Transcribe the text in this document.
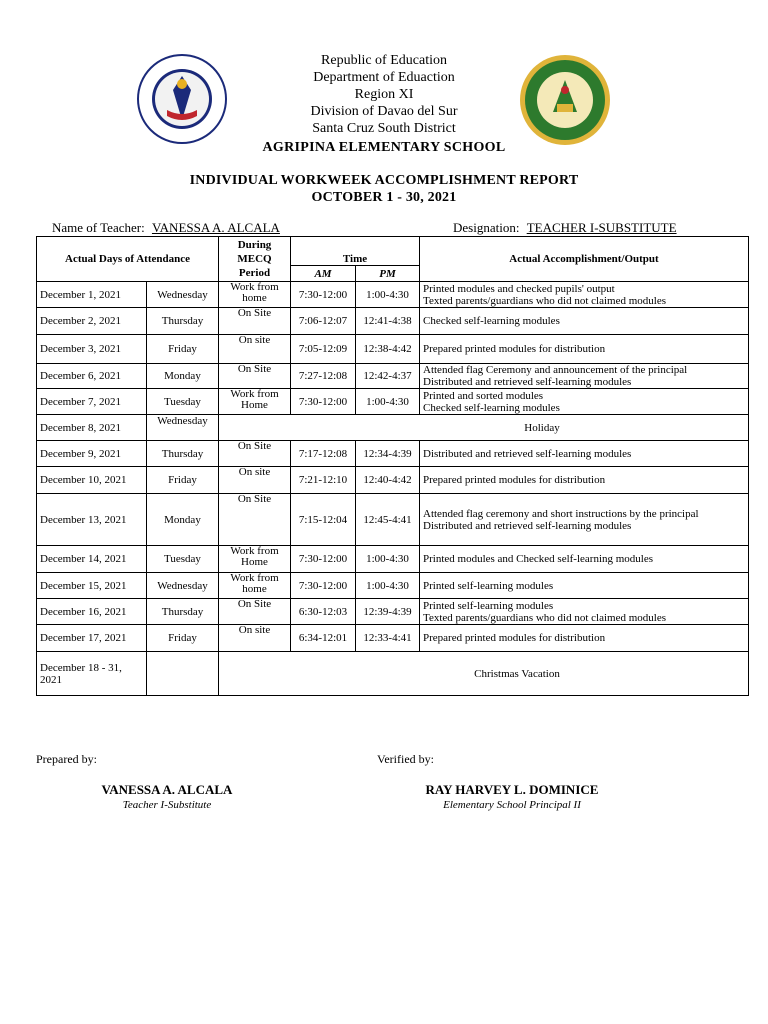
Republic of Education
Department of Eduaction
Region XI
Division of Davao del Sur
Santa Cruz South District
AGRIPINA ELEMENTARY SCHOOL
INDIVIDUAL WORKWEEK ACCOMPLISHMENT REPORT
OCTOBER 1 - 30, 2021
Name of Teacher: VANESSA A. ALCALA	Designation: TEACHER I-SUBSTITUTE
Actual Days of Attendance		During MECQ Period	Time		Actual Accomplishment/Output
			AM	PM	
December 1, 2021	Wednesday	Work from home	7:30-12:00	1:00-4:30	Printed modules and checked pupils' output
Texted parents/guardians who did not claimed modules

December 2, 2021	Thursday	On Site	7:06-12:07	12:41-4:38	Checked self-learning modules

December 3, 2021	Friday	On site	7:05-12:09	12:38-4:42	Prepared printed modules for distribution

December 6, 2021	Monday	On Site	7:27-12:08	12:42-4:37	Attended flag Ceremony and announcement of the principal
Distributed and retrieved self-learning modules

December 7, 2021	Tuesday	Work from Home	7:30-12:00	1:00-4:30	Printed and sorted modules
Checked self-learning modules

December 8, 2021	Wednesday	Holiday			
December 9, 2021	Thursday	On Site	7:17-12:08	12:34-4:39	Distributed and retrieved self-learning modules

December 10, 2021	Friday	On site	7:21-12:10	12:40-4:42	Prepared printed modules for distribution

December 13, 2021	Monday	On Site	7:15-12:04	12:45-4:41	Attended flag ceremony and short instructions by the principal
Distributed and retrieved self-learning modules

December 14, 2021	Tuesday	Work from Home	7:30-12:00	1:00-4:30	Printed modules and Checked self-learning modules

December 15, 2021	Wednesday	Work from home	7:30-12:00	1:00-4:30	Printed self-learning modules

December 16, 2021	Thursday	On Site	6:30-12:03	12:39-4:39	Printed self-learning modules
Texted parents/guardians who did not claimed modules

December 17, 2021	Friday	On site	6:34-12:01	12:33-4:41	Prepared printed modules for distribution

December 18 - 31, 2021		Christmas Vacation			
Prepared by:	Verified by:
VANESSA A. ALCALA
Teacher I-Substitute
RAY HARVEY L. DOMINICE
Elementary School Principal II
